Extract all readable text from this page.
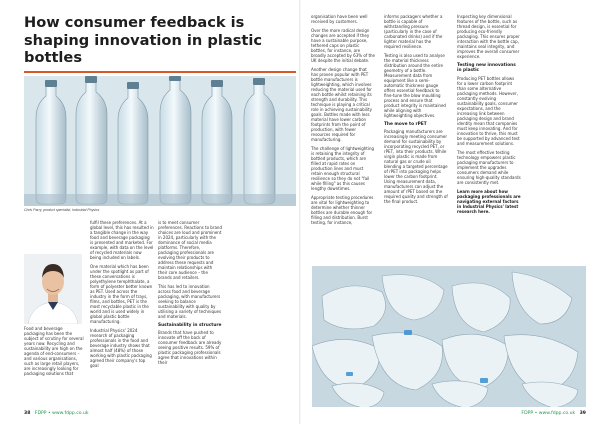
How consumer feedback is shaping innovation in plastic bottles
Chris Parry, product specialist, Industrial Physics

Food and beverage packaging has been the subject of scrutiny for several years now. Recycling and sustainability are high on the agenda of end-consumers – and various organisations, such as large retail players, are increasingly looking for packaging solutions that

fulfil these preferences. At a global level, this has resulted in a tangible change in the way food and beverage packaging is presented and marketed. For example, with data on the level of recycled materials now being included on labels.

One material which has been under the spotlight as part of these conversations is polyethylene terephthalate, a form of polyester better known as PET. Used across the industry in the form of trays, films, and bottles, PET is the most recyclable plastic in the world and is used widely in global plastic bottle manufacturing.

Industrial Physics' 2024 research of packaging professionals in the food and beverage industry shows that almost half (48%) of those working with plastic packaging agreed their company's top goal

is to meet consumer preferences. Reactions to brand choices are loud and prominent in 2024, particularly with the dominance of social media platforms. Therefore, packaging professionals are evolving their products to address these requests and maintain relationships with their core audience – the brands and retailers.

This has led to innovation across food and beverage packaging, with manufacturers seeking to balance sustainability with quality by utilising a variety of techniques and materials.

Sustainability in structure

Brands that have pushed to innovate off the back of consumer feedback are already seeing positive results. 59% of plastic packaging professionals agree that innovations within their

38 FDPP • www.fdpp.co.uk

organisation have been well received by customers.

Over the more radical design changes are accepted if they have a sustainable purpose, tethered caps on plastic bottles, for instance, are broadly accepted by 63% of the UK despite the initial debate.

Another design change that has proven popular with PET bottle manufacturers is lightweighting, which involves reducing the material used for each bottle whilst retaining its strength and durability. This technique is playing a critical role in achieving sustainability goals. Bottles made with less material have lower carbon footprints from the point of production, with fewer resources required for manufacturing.

The challenge of lightweighting is retaining the integrity of bottled products, which are filled at rapid rates on production lines and must retain enough structural resilience so they do not "fail while filling" as this causes lengthy downtimes.

Appropriate testing procedures are vital for lightweighting to determine whether thinner bottles are durable enough for filling and distribution. Burst testing, for instance,

informs packagers whether a bottle is capable of withstanding pressure (particularly in the case of carbonated drinks) and if the lighter material has the required resilience.

Testing is also used to analyse the material thickness distribution around the entire geometry of a bottle. Measurement data from equipment like a semi-automatic thickness gauge offers essential feedback to fine-tune the blow moulding process and ensure that product integrity is maintained while aligning with lightweighting objectives.

The move to rPET

Packaging manufacturers are increasingly meeting consumer demand for sustainability by incorporating recycled PET, or rPET, into their products. While virgin plastic is made from natural gas or crude oil blending a targeted percentage of rPET into packaging helps lower the carbon footprint. Using measurement data, manufacturers can adjust the amount of rPET based on the required quality and strength of the final product.

Inspecting key dimensional features of the bottle, such as thread design, is essential for producing eco-friendly packaging. This ensures proper interaction with the bottle cap, maintains seal integrity, and improves the overall consumer experience.

Testing new innovations in plastic

Producing PET bottles allows for a lower carbon footprint than some alternative packaging methods. However, constantly evolving sustainability goals, consumer expectations, and the increasing link between packaging design and brand identity mean that companies must keep innovating. And for innovation to thrive, this must be supported by advanced test and measurement solutions.

The most effective testing technology empowers plastic packaging manufacturers to implement the upgrades consumers demand while ensuring high-quality standards are consistently met.

Learn more about how packaging professionals are navigating external factors in Industrial Physics' latest research here.

FDPP • www.fdpp.co.uk 39
